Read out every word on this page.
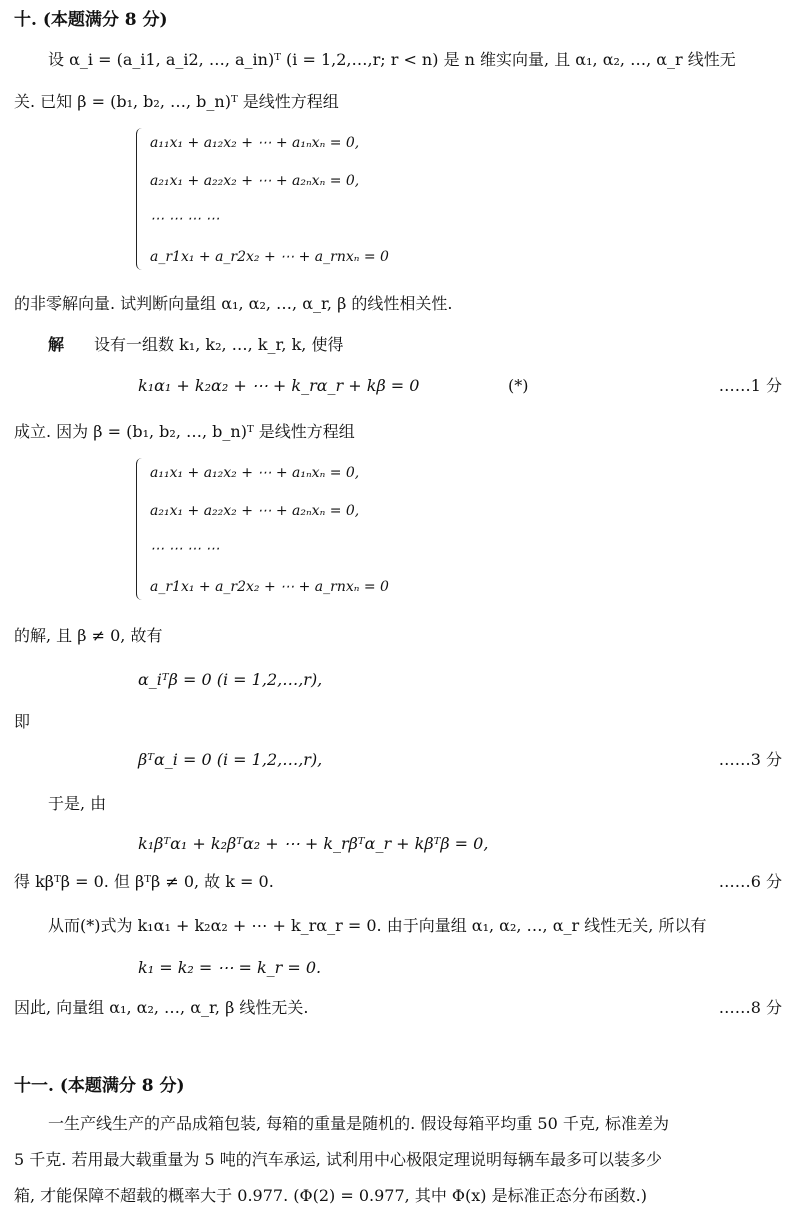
十. (本题满分 8 分)
设 α_i = (a_i1, a_i2, …, a_in)ᵀ (i = 1,2,…,r; r < n) 是 n 维实向量, 且 α₁, α₂, …, α_r 线性无
关. 已知 β = (b₁, b₂, …, b_n)ᵀ 是线性方程组
a₁₁x₁ + a₁₂x₂ + ⋯ + a₁ₙxₙ = 0,
a₂₁x₁ + a₂₂x₂ + ⋯ + a₂ₙxₙ = 0,
⋯ ⋯ ⋯ ⋯
a_r1x₁ + a_r2x₂ + ⋯ + a_rnxₙ = 0
的非零解向量. 试判断向量组 α₁, α₂, …, α_r, β 的线性相关性.
解 设有一组数 k₁, k₂, …, k_r, k, 使得
k₁α₁ + k₂α₂ + ⋯ + k_rα_r + kβ = 0	(*)	……1 分
成立. 因为 β = (b₁, b₂, …, b_n)ᵀ 是线性方程组
a₁₁x₁ + a₁₂x₂ + ⋯ + a₁ₙxₙ = 0,
a₂₁x₁ + a₂₂x₂ + ⋯ + a₂ₙxₙ = 0,
⋯ ⋯ ⋯ ⋯
a_r1x₁ + a_r2x₂ + ⋯ + a_rnxₙ = 0
的解, 且 β ≠ 0, 故有
α_iᵀβ = 0 (i = 1,2,…,r),
即
βᵀα_i = 0 (i = 1,2,…,r),	……3 分
于是, 由
k₁βᵀα₁ + k₂βᵀα₂ + ⋯ + k_rβᵀα_r + kβᵀβ = 0,
得 kβᵀβ = 0. 但 βᵀβ ≠ 0, 故 k = 0.	……6 分
从而(*)式为 k₁α₁ + k₂α₂ + ⋯ + k_rα_r = 0. 由于向量组 α₁, α₂, …, α_r 线性无关, 所以有
k₁ = k₂ = ⋯ = k_r = 0.
因此, 向量组 α₁, α₂, …, α_r, β 线性无关.	……8 分
十一. (本题满分 8 分)
一生产线生产的产品成箱包装, 每箱的重量是随机的. 假设每箱平均重 50 千克, 标准差为
5 千克. 若用最大载重量为 5 吨的汽车承运, 试利用中心极限定理说明每辆车最多可以装多少
箱, 才能保障不超载的概率大于 0.977. (Φ(2) = 0.977, 其中 Φ(x) 是标准正态分布函数.)
